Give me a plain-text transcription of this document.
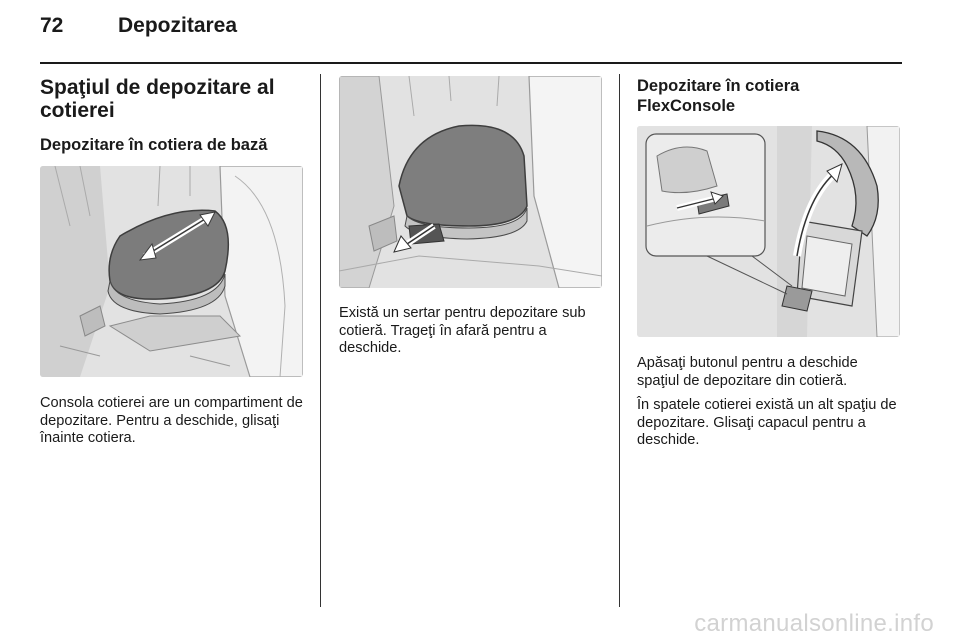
72	Depozitarea
Spaţiul de depozitare al cotierei
Depozitare în cotiera de bază

Consola cotierei are un compartiment de depozitare. Pentru a deschide, glisaţi înainte cotiera.

Există un sertar pentru depozitare sub cotieră. Trageţi în afară pentru a deschide.

Depozitare în cotiera FlexConsole

Apăsaţi butonul pentru a deschide spaţiul de depozitare din cotieră.

În spatele cotierei există un alt spaţiu de depozitare. Glisaţi capacul pentru a deschide.

carmanualsonline.info
